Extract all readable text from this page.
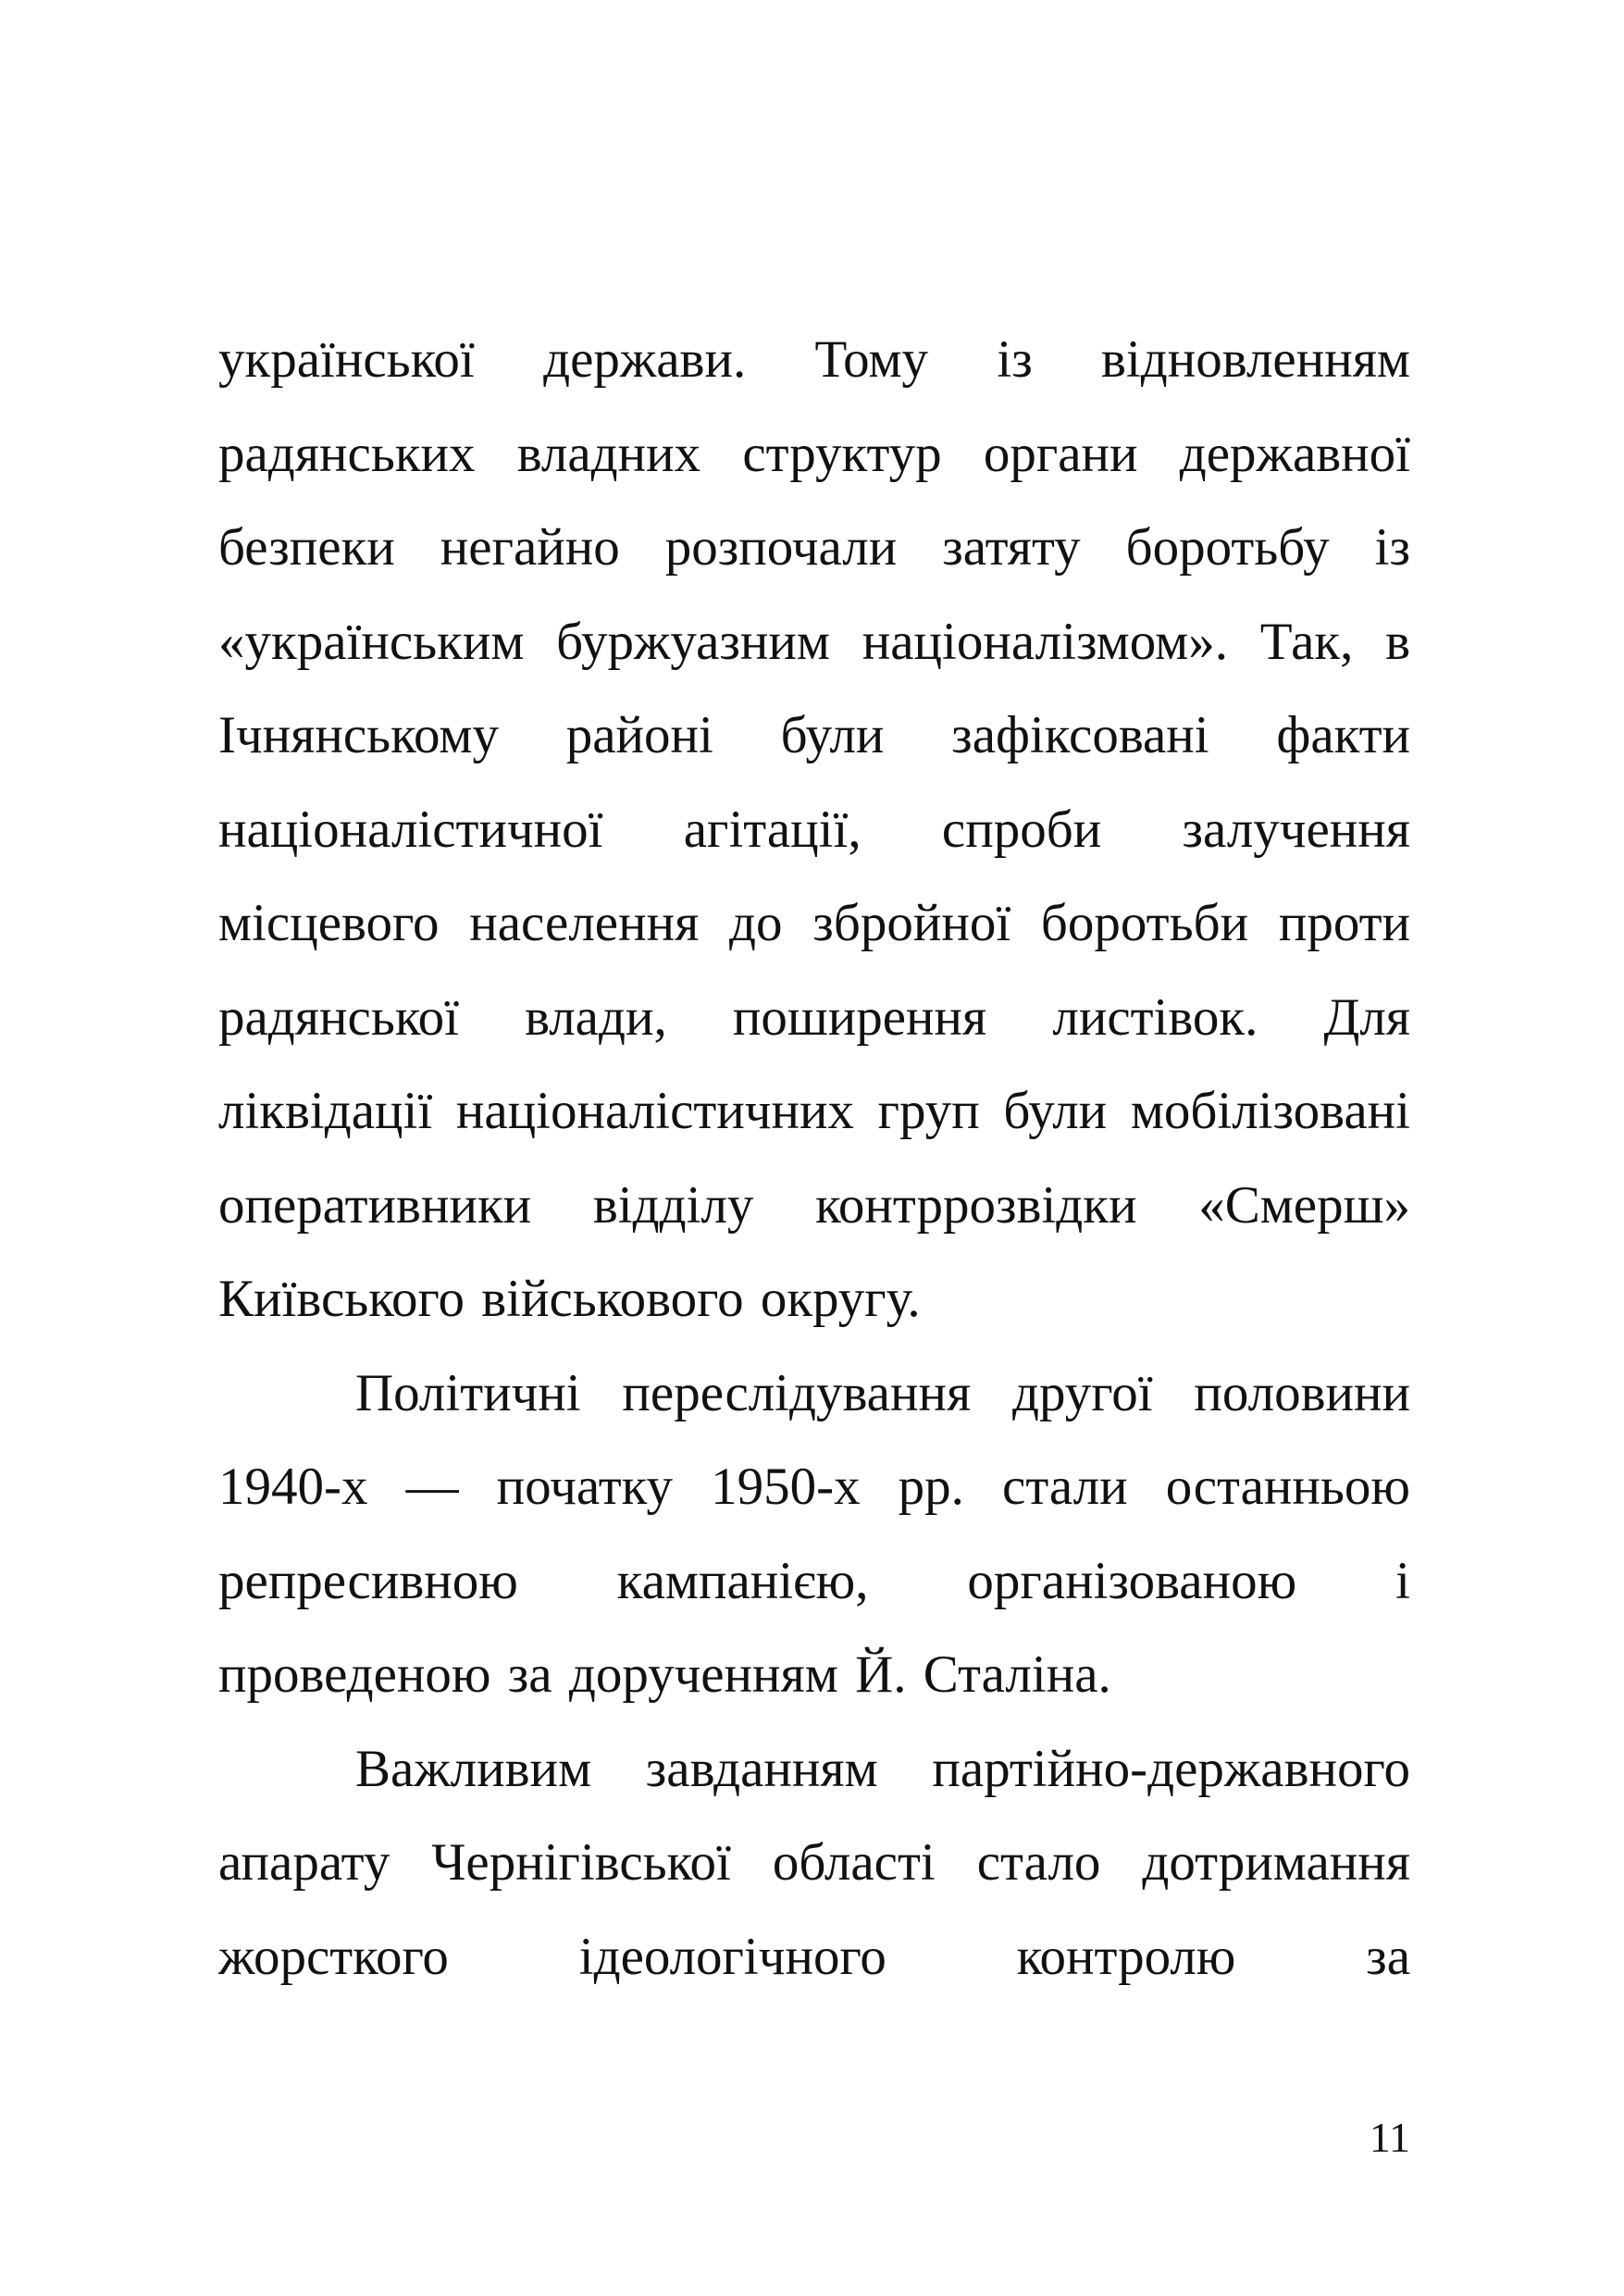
української держави. Тому із відновленням
радянських владних структур органи державної
безпеки негайно розпочали затяту боротьбу із
«українським буржуазним націоналізмом». Так, в
Ічнянському районі були зафіксовані факти
націоналістичної агітації, спроби залучення
місцевого населення до збройної боротьби проти
радянської влади, поширення листівок. Для
ліквідації націоналістичних груп були мобілізовані
оперативники відділу контррозвідки «Смерш»
Київського військового округу.
Політичні переслідування другої половини
1940-х — початку 1950-х рр. стали останньою
репресивною кампанією, організованою і
проведеною за дорученням Й. Сталіна.
Важливим завданням партійно-державного
апарату Чернігівської області стало дотримання
жорсткого ідеологічного контролю за
11
